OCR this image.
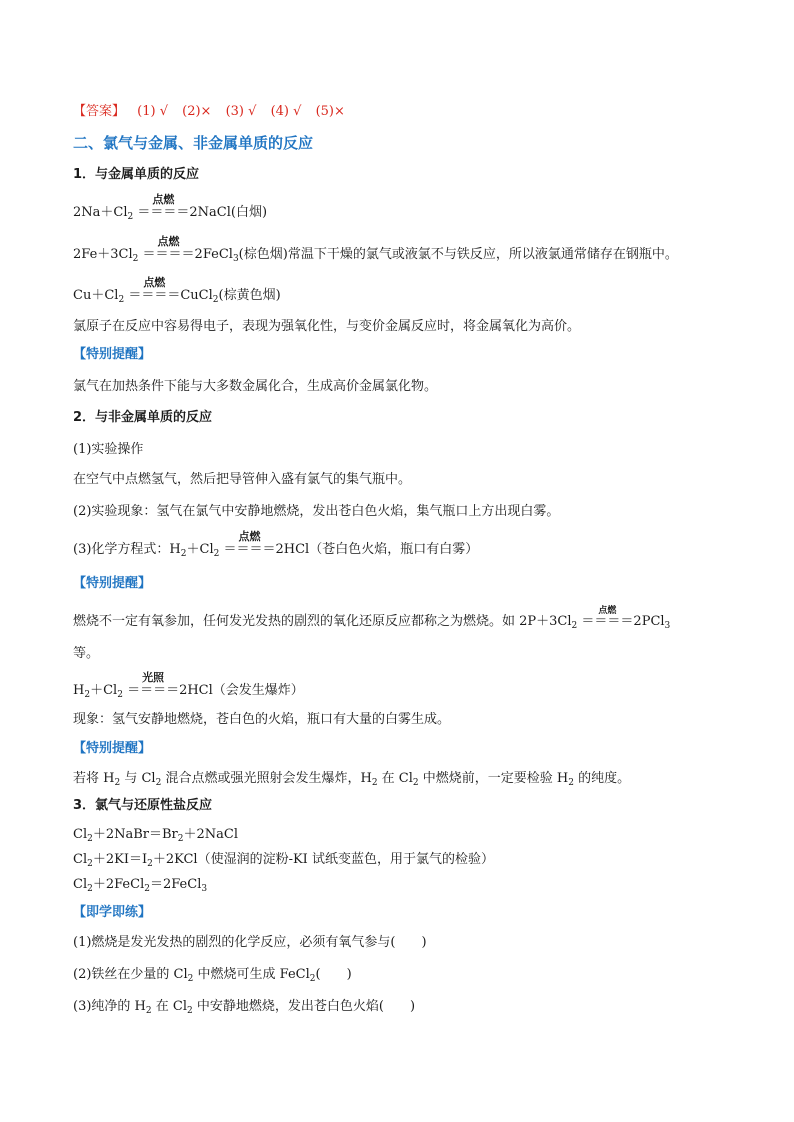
【答案】 (1) √ (2)× (3) √ (4) √ (5)×
二、氯气与金属、非金属单质的反应
1．与金属单质的反应
$2Na+Cl_2$
点燃
＝＝＝＝2NaCl(白烟)
$2Fe+3Cl_2$
点燃
＝＝＝＝2FeCl$_3$(棕色烟)常温下干燥的氯气或液氯不与铁反应，所以液氯通常储存在钢瓶中。
$Cu+Cl_2$
点燃
＝＝＝＝CuCl$_2$(棕黄色烟)
氯原子在反应中容易得电子，表现为强氧化性，与变价金属反应时，将金属氧化为高价。
【特别提醒】
氯气在加热条件下能与大多数金属化合，生成高价金属氯化物。
2．与非金属单质的反应
(1)实验操作
在空气中点燃氢气，然后把导管伸入盛有氯气的集气瓶中。
(2)实验现象：氢气在氯气中安静地燃烧，发出苍白色火焰，集气瓶口上方出现白雾。
(3)化学方程式：$H_2+Cl_2$
点燃
＝＝＝＝2HCl（苍白色火焰，瓶口有白雾）
【特别提醒】
燃烧不一定有氧参加，任何发光发热的剧烈的氧化还原反应都称之为燃烧。如 $2P+3Cl_2$
点燃
＝＝＝＝2PCl$_3$
等。
$H_2+Cl_2$
光照
＝＝＝＝2HCl（会发生爆炸）
现象：氢气安静地燃烧，苍白色的火焰，瓶口有大量的白雾生成。
【特别提醒】
若将 $H_2$ 与 $Cl_2$ 混合点燃或强光照射会发生爆炸，$H_2$ 在 $Cl_2$ 中燃烧前，一定要检验 $H_2$ 的纯度。
3．氯气与还原性盐反应
$Cl_2+2NaBr=Br_2+2NaCl$
$Cl_2+2KI=I_2+2KCl$（使湿润的淀粉-KI 试纸变蓝色，用于氯气的检验）
$Cl_2+2FeCl_2=2FeCl_3$
【即学即练】
(1)燃烧是发光发热的剧烈的化学反应，必须有氧气参与(　　)
(2)铁丝在少量的 $Cl_2$ 中燃烧可生成 FeCl$_2$(　　)
(3)纯净的 $H_2$ 在 $Cl_2$ 中安静地燃烧，发出苍白色火焰(　　)
